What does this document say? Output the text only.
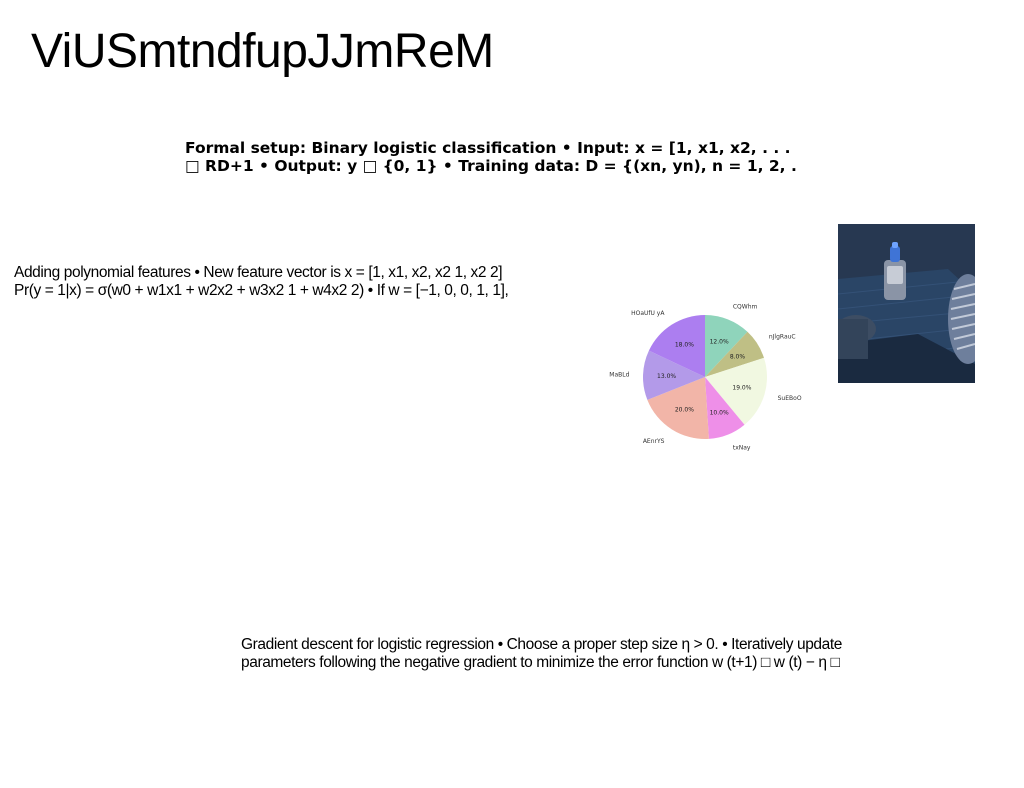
ViUSmtndfupJJmReM
Formal setup: Binary logistic classification • Input: x = [1, x1, x2, . . .
□ RD+1 • Output: y □ {0, 1} • Training data: D = {(xn, yn), n = 1, 2, .
Adding polynomial features • New feature vector is x = [1, x1, x2, x2 1, x2 2]
Pr(y = 1|x) = σ(w0 + w1x1 + w2x2 + w3x2 1 + w4x2 2) • If w = [−1, 0, 0, 1, 1],
Gradient descent for logistic regression • Choose a proper step size η > 0. • Iteratively update
parameters following the negative gradient to minimize the error function w (t+1) □ w (t) − η □
12.0%
CQWhm
8.0%
nJlgRauC
19.0%
SuEBoO
10.0%
txNay
20.0%
AEnrYS
13.0%
MaBLd
18.0%
HOaUfU yA
